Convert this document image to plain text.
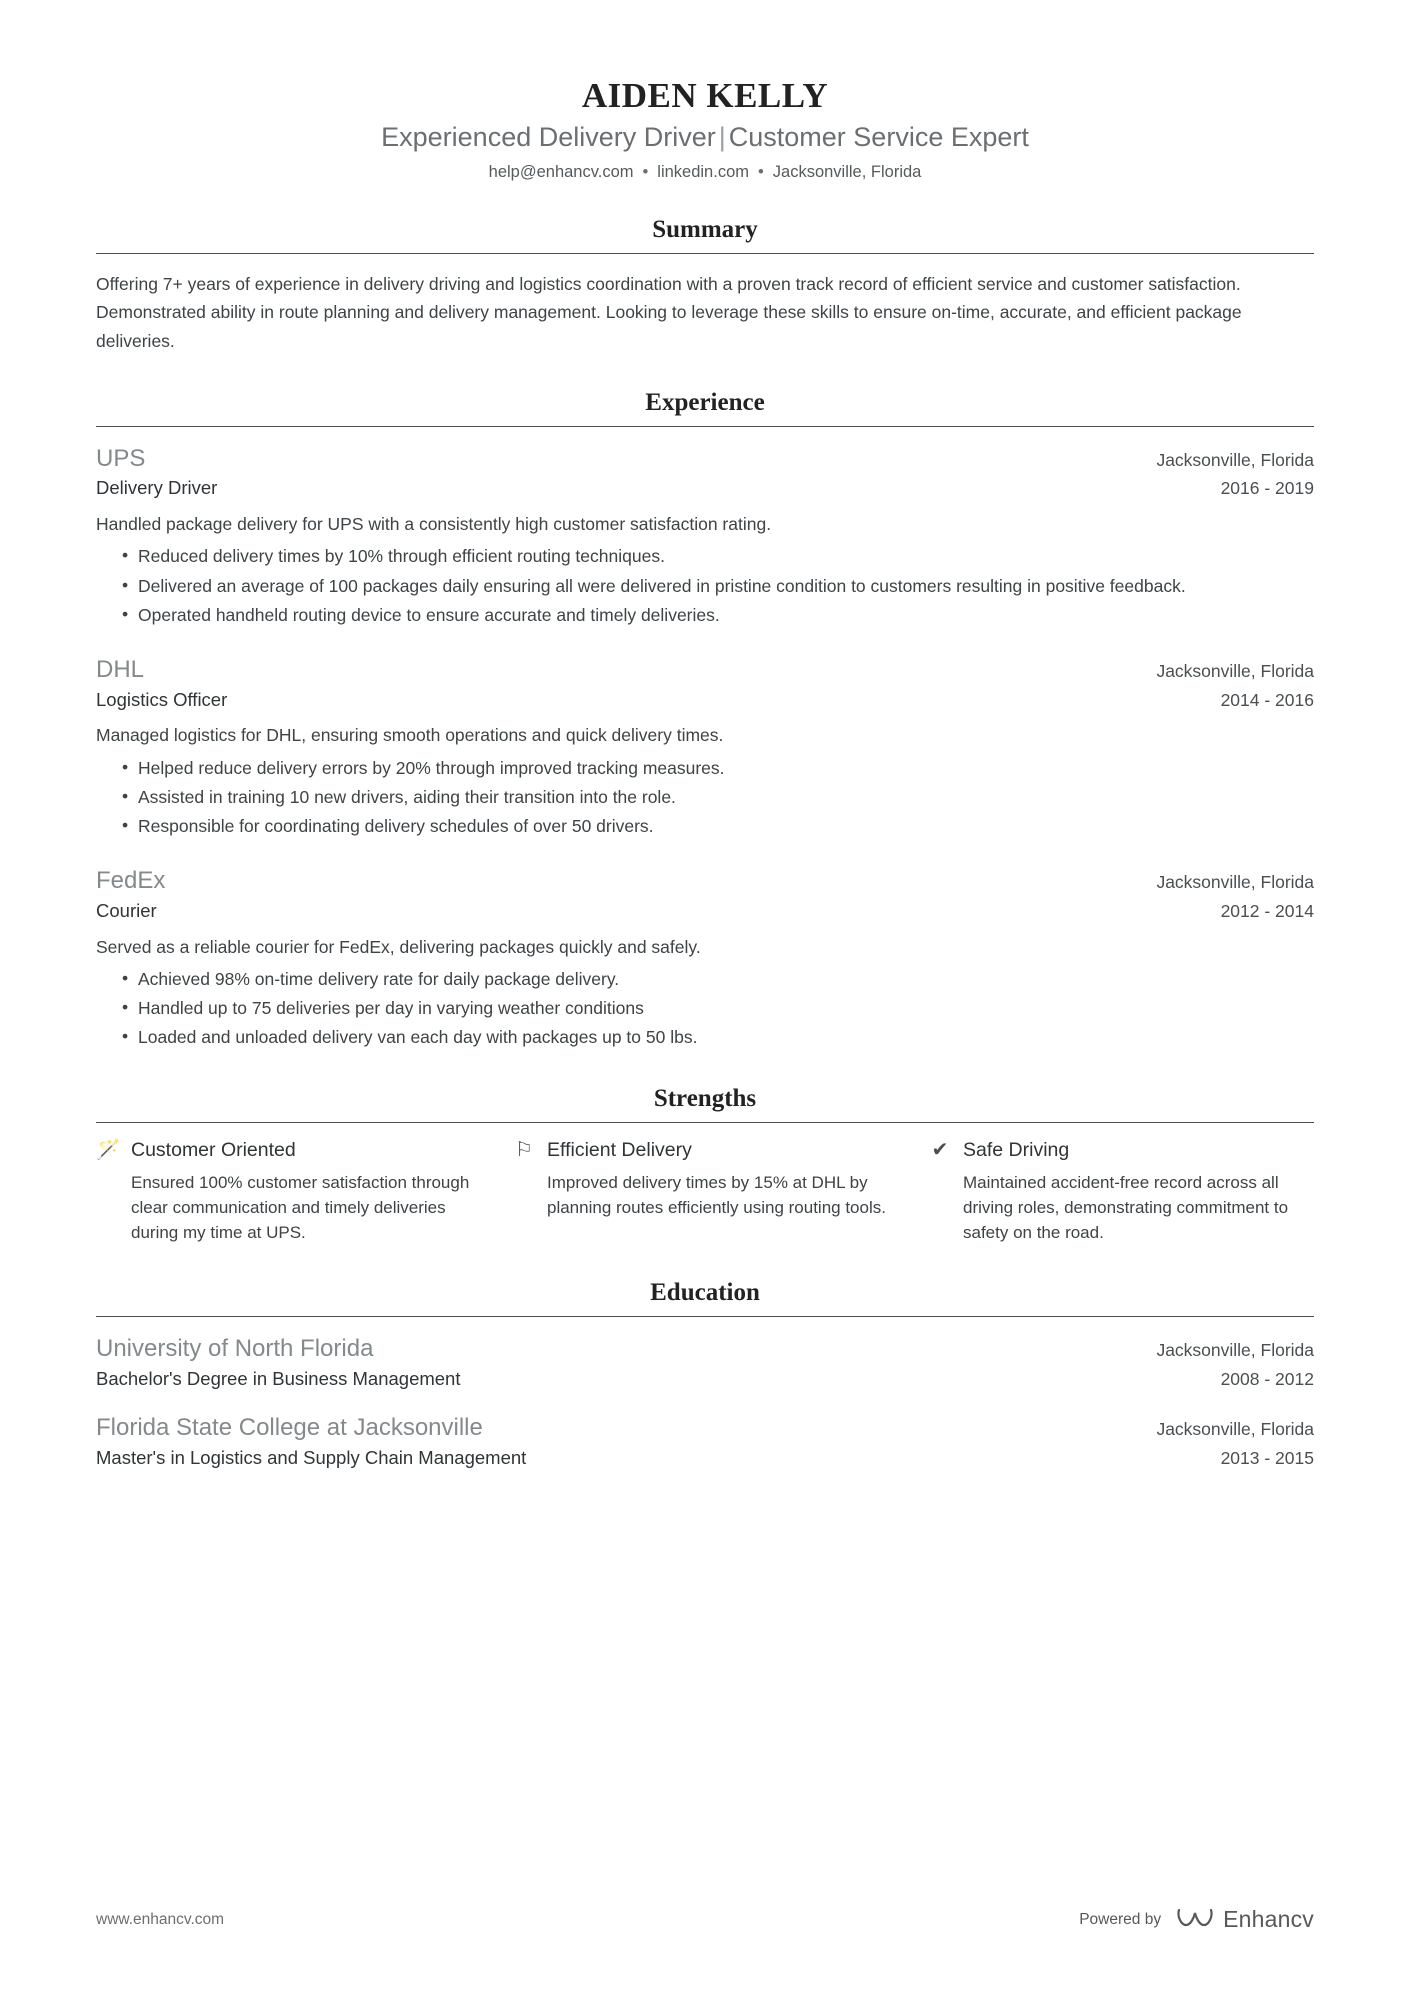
AIDEN KELLY
Experienced Delivery Driver | Customer Service Expert
help@enhancv.com • linkedin.com • Jacksonville, Florida
Summary
Offering 7+ years of experience in delivery driving and logistics coordination with a proven track record of efficient service and customer satisfaction. Demonstrated ability in route planning and delivery management. Looking to leverage these skills to ensure on-time, accurate, and efficient package deliveries.
Experience
UPS	Jacksonville, Florida
Delivery Driver	2016 - 2019
Handled package delivery for UPS with a consistently high customer satisfaction rating.
• Reduced delivery times by 10% through efficient routing techniques.
• Delivered an average of 100 packages daily ensuring all were delivered in pristine condition to customers resulting in positive feedback.
• Operated handheld routing device to ensure accurate and timely deliveries.
DHL	Jacksonville, Florida
Logistics Officer	2014 - 2016
Managed logistics for DHL, ensuring smooth operations and quick delivery times.
• Helped reduce delivery errors by 20% through improved tracking measures.
• Assisted in training 10 new drivers, aiding their transition into the role.
• Responsible for coordinating delivery schedules of over 50 drivers.
FedEx	Jacksonville, Florida
Courier	2012 - 2014
Served as a reliable courier for FedEx, delivering packages quickly and safely.
• Achieved 98% on-time delivery rate for daily package delivery.
• Handled up to 75 deliveries per day in varying weather conditions
• Loaded and unloaded delivery van each day with packages up to 50 lbs.
Strengths
🪄 Customer Oriented
Ensured 100% customer satisfaction through clear communication and timely deliveries during my time at UPS.
⚐ Efficient Delivery
Improved delivery times by 15% at DHL by planning routes efficiently using routing tools.
✔ Safe Driving
Maintained accident-free record across all driving roles, demonstrating commitment to safety on the road.
Education
University of North Florida	Jacksonville, Florida
Bachelor's Degree in Business Management	2008 - 2012
Florida State College at Jacksonville	Jacksonville, Florida
Master's in Logistics and Supply Chain Management	2013 - 2015
www.enhancv.com	Powered by	Enhancv
